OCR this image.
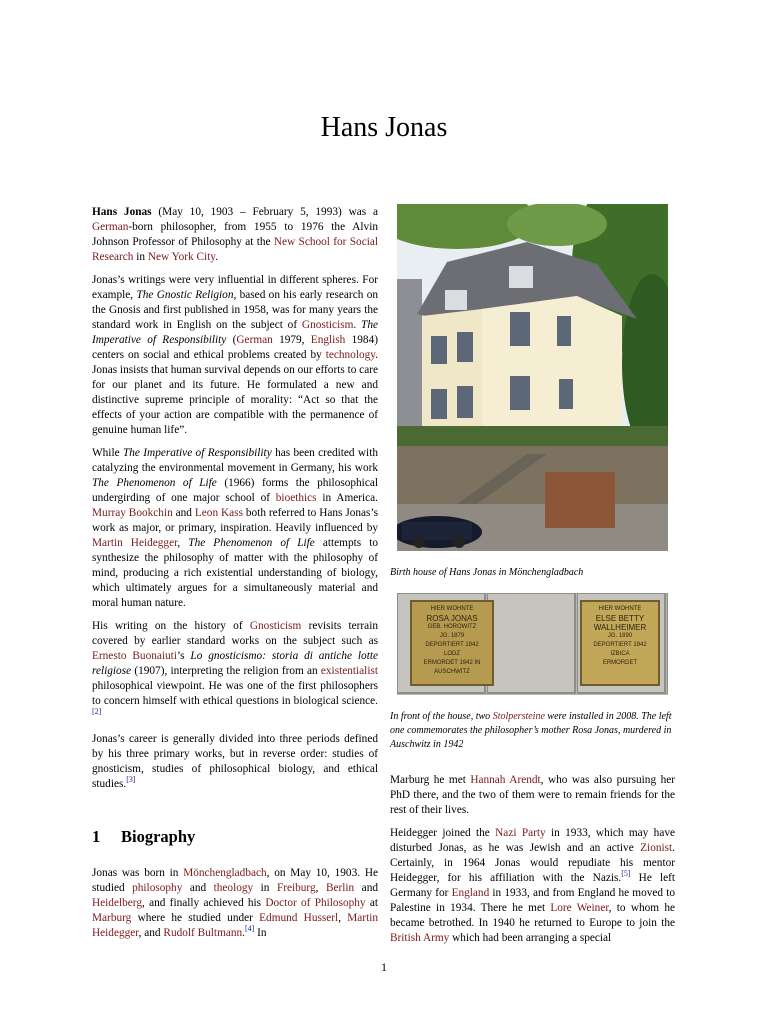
Hans Jonas

Hans Jonas (May 10, 1903 – February 5, 1993) was a German-born philosopher, from 1955 to 1976 the Alvin Johnson Professor of Philosophy at the New School for Social Research in New York City.

Jonas’s writings were very influential in different spheres. For example, The Gnostic Religion, based on his early research on the Gnosis and first published in 1958, was for many years the standard work in English on the subject of Gnosticism. The Imperative of Responsibility (German 1979, English 1984) centers on social and ethical problems created by technology. Jonas insists that human survival depends on our efforts to care for our planet and its future. He formulated a new and distinctive supreme principle of morality: “Act so that the effects of your action are compatible with the permanence of genuine human life”.

While The Imperative of Responsibility has been credited with catalyzing the environmental movement in Germany, his work The Phenomenon of Life (1966) forms the philosophical undergirding of one major school of bioethics in America. Murray Bookchin and Leon Kass both referred to Hans Jonas’s work as major, or primary, inspiration. Heavily influenced by Martin Heidegger, The Phenomenon of Life attempts to synthesize the philosophy of matter with the philosophy of mind, producing a rich existential understanding of biology, which ultimately argues for a simultaneously material and moral human nature.

His writing on the history of Gnosticism revisits terrain covered by earlier standard works on the subject such as Ernesto Buonaiuti’s Lo gnosticismo: storia di antiche lotte religiose (1907), interpreting the religion from an existentialist philosophical viewpoint. He was one of the first philosophers to concern himself with ethical questions in biological science.[2]

Jonas’s career is generally divided into three periods defined by his three primary works, but in reverse order: studies of gnosticism, studies of philosophical biology, and ethical studies.[3]

1 Biography

Jonas was born in Mönchengladbach, on May 10, 1903. He studied philosophy and theology in Freiburg, Berlin and Heidelberg, and finally achieved his Doctor of Philosophy at Marburg where he studied under Edmund Husserl, Martin Heidegger, and Rudolf Bultmann.[4] In

Birth house of Hans Jonas in Mönchengladbach
HIER WOHNTE
ROSA JONAS
GEB. HOROWITZ
JG. 1879
DEPORTIERT 1942
LODZ
ERMORDET 1942 IN
AUSCHWITZ
HIER WOHNTE
ELSE BETTY
WALLHEIMER
JG. 1890
DEPORTIERT 1942
IZBICA
ERMORDET
In front of the house, two Stolpersteine were installed in 2008. The left one commemorates the philosopher’s mother Rosa Jonas, murdered in Auschwitz in 1942

Marburg he met Hannah Arendt, who was also pursuing her PhD there, and the two of them were to remain friends for the rest of their lives.

Heidegger joined the Nazi Party in 1933, which may have disturbed Jonas, as he was Jewish and an active Zionist. Certainly, in 1964 Jonas would repudiate his mentor Heidegger, for his affiliation with the Nazis.[5] He left Germany for England in 1933, and from England he moved to Palestine in 1934. There he met Lore Weiner, to whom he became betrothed. In 1940 he returned to Europe to join the British Army which had been arranging a special

1
